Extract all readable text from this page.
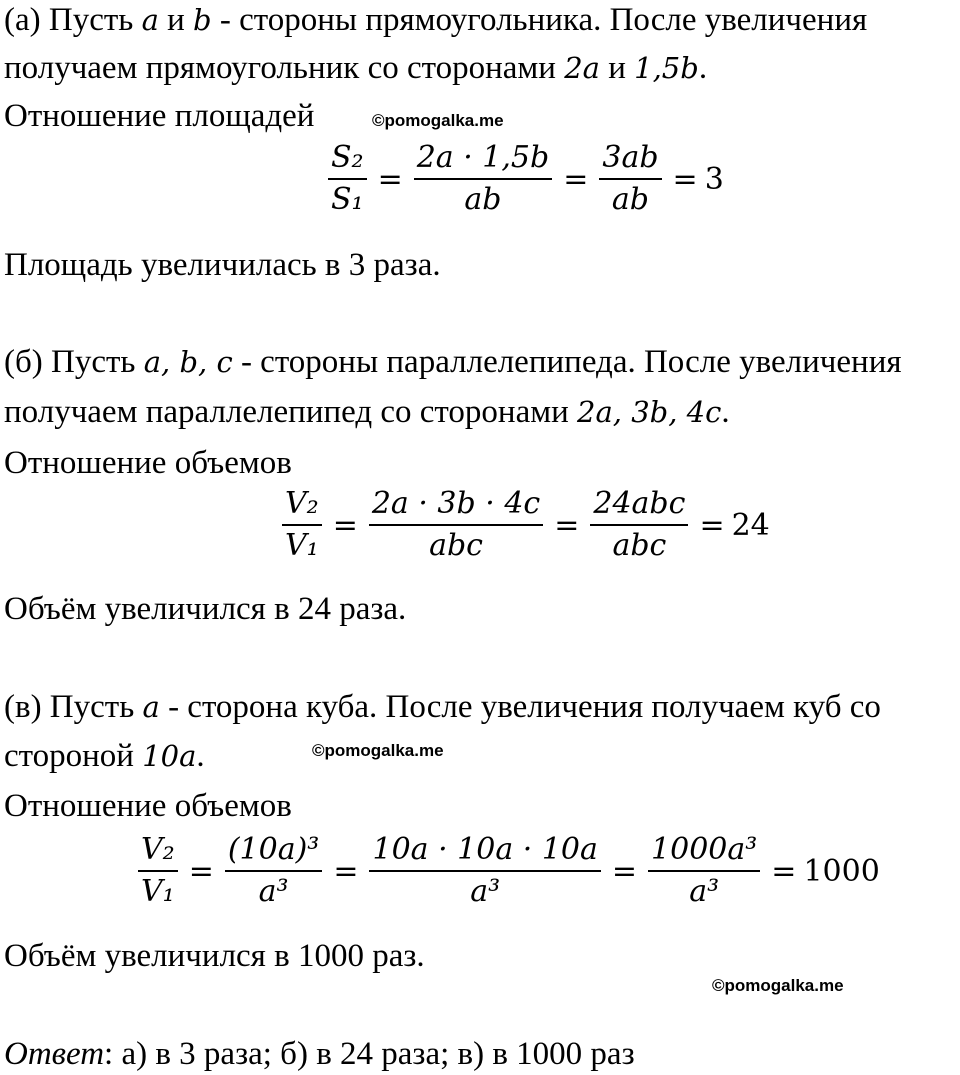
(а) Пусть a и b - стороны прямоугольника. После увеличения
получаем прямоугольник со сторонами 2a и 1,5b.
Отношение площадей	©pomogalka.me
$\frac{\text{S₂}}{\text{S₁}} = \frac{2a \cdot 1,5b}{ab} = \frac{3ab}{ab} = 3$
Площадь увеличилась в 3 раза.
(б) Пусть a, b, c - стороны параллелепипеда. После увеличения
получаем параллелепипед со сторонами 2a, 3b, 4c.
Отношение объемов
$\frac{\text{V₂}}{\text{V₁}} = \frac{2a \cdot 3b \cdot 4c}{\text{abc}} = \frac{\text{24abc}}{\text{abc}} = 24$
Объём увеличился в 24 раза.
(в) Пусть a - сторона куба. После увеличения получаем куб со
стороной 10a.	©pomogalka.me
Отношение объемов
$\frac{\text{V₂}}{\text{V₁}} = \frac{\text{(10a)³}}{\text{a³}} = \frac{10a \cdot 10a \cdot 10a}{\text{a³}} = \frac{\text{1000a³}}{\text{a³}} = 1000$
Объём увеличился в 1000 раз.
©pomogalka.me
Ответ: а) в 3 раза; б) в 24 раза; в) в 1000 раз
